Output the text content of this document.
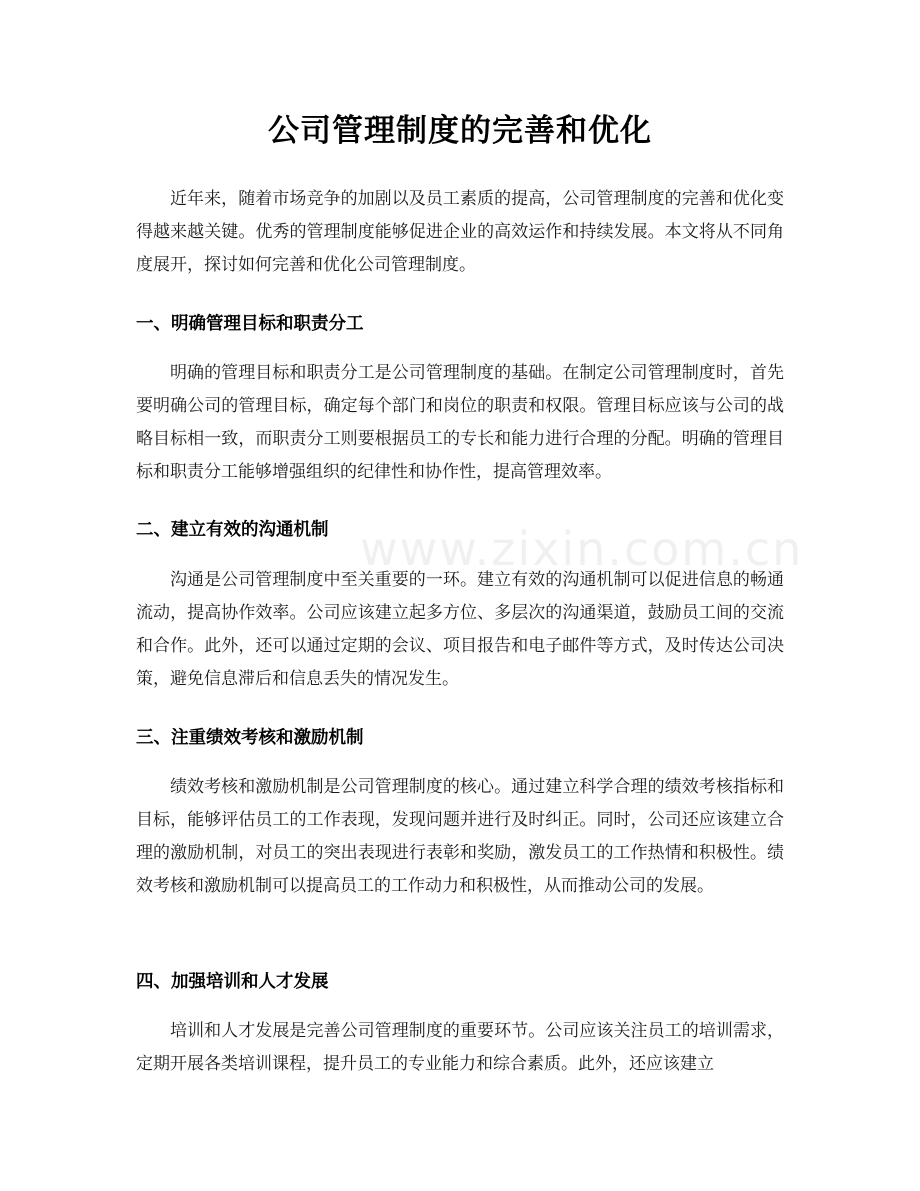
www.zixin.com.cn
公司管理制度的完善和优化

近年来，随着市场竞争的加剧以及员工素质的提高，公司管理制度的完善和优化变得越来越关键。优秀的管理制度能够促进企业的高效运作和持续发展。本文将从不同角度展开，探讨如何完善和优化公司管理制度。

一、明确管理目标和职责分工

明确的管理目标和职责分工是公司管理制度的基础。在制定公司管理制度时，首先要明确公司的管理目标，确定每个部门和岗位的职责和权限。管理目标应该与公司的战略目标相一致，而职责分工则要根据员工的专长和能力进行合理的分配。明确的管理目标和职责分工能够增强组织的纪律性和协作性，提高管理效率。

二、建立有效的沟通机制

沟通是公司管理制度中至关重要的一环。建立有效的沟通机制可以促进信息的畅通流动，提高协作效率。公司应该建立起多方位、多层次的沟通渠道，鼓励员工间的交流和合作。此外，还可以通过定期的会议、项目报告和电子邮件等方式，及时传达公司决策，避免信息滞后和信息丢失的情况发生。

三、注重绩效考核和激励机制

绩效考核和激励机制是公司管理制度的核心。通过建立科学合理的绩效考核指标和目标，能够评估员工的工作表现，发现问题并进行及时纠正。同时，公司还应该建立合理的激励机制，对员工的突出表现进行表彰和奖励，激发员工的工作热情和积极性。绩效考核和激励机制可以提高员工的工作动力和积极性，从而推动公司的发展。

四、加强培训和人才发展

培训和人才发展是完善公司管理制度的重要环节。公司应该关注员工的培训需求，定期开展各类培训课程，提升员工的专业能力和综合素质。此外，还应该建立
